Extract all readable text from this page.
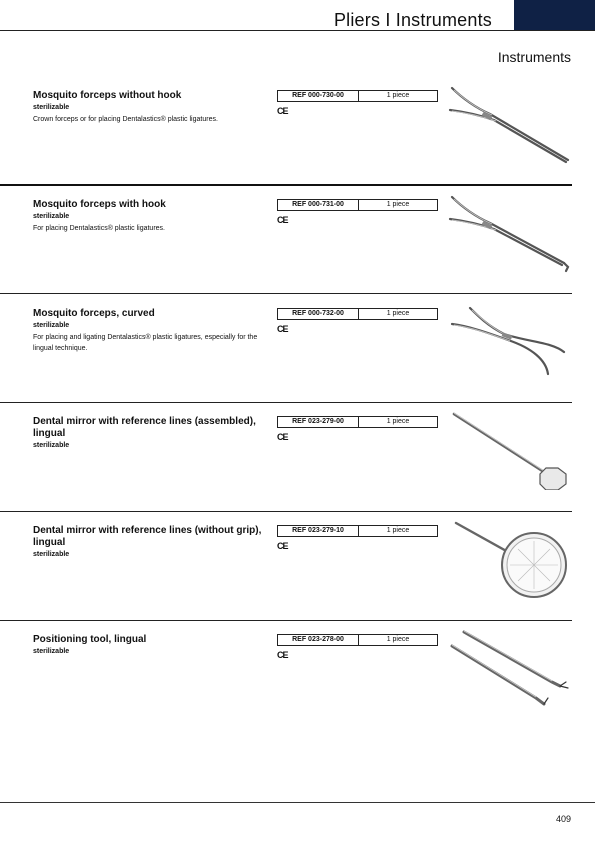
Pliers I Instruments
Instruments
Mosquito forceps without hook
sterilizable
Crown forceps or for placing Dentalastics® plastic ligatures.
REF 000-730-00	1 piece
CE
Mosquito forceps with hook
sterilizable
For placing Dentalastics® plastic ligatures.
REF 000-731-00	1 piece
CE
Mosquito forceps, curved
sterilizable
For placing and ligating Dentalastics® plastic ligatures, especially for the lingual technique.
REF 000-732-00	1 piece
CE
Dental mirror with reference lines (assembled), lingual
sterilizable
REF 023-279-00	1 piece
CE
Dental mirror with reference lines (without grip), lingual
sterilizable
REF 023-279-10	1 piece
CE
Positioning tool, lingual
sterilizable
REF 023-278-00	1 piece
CE
409
